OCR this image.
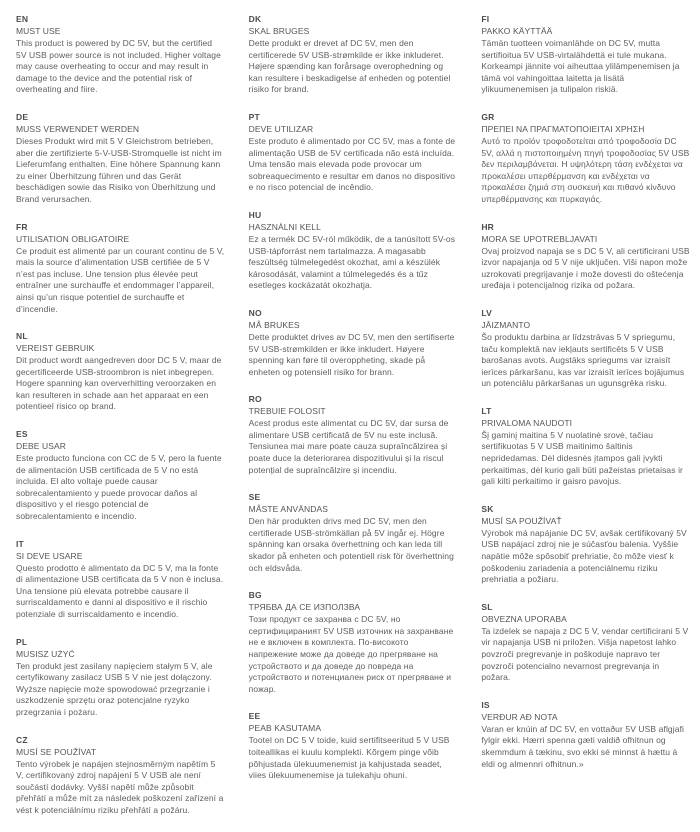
EN
MUST USE

This product is powered by DC 5V, but the certified 5V USB power source is not included. Higher voltage may cause overheating to occur and may result in damage to the device and the potential risk of overheating and fiire.

DE
MUSS VERWENDET WERDEN

Dieses Produkt wird mit 5 V Gleichstrom betrieben, aber die zertifizierte 5-V-USB-Stromquelle ist nicht im Lieferumfang enthalten. Eine höhere Spannung kann zu einer Überhitzung führen und das Gerät beschädigen sowie das Risiko von Überhitzung und Brand verursachen.

FR
UTILISATION OBLIGATOIRE

Ce produit est alimenté par un courant continu de 5 V, mais la source d’alimentation USB certifiée de 5 V n’est pas incluse. Une tension plus élevée peut entraîner une surchauffe et endommager l’appareil, ainsi qu’un risque potentiel de surchauffe et d’incendie.

NL
VEREIST GEBRUIK

Dit product wordt aangedreven door DC 5 V, maar de gecertificeerde USB-stroombron is niet inbegrepen. Hogere spanning kan oververhitting veroorzaken en kan resulteren in schade aan het apparaat en een potentieel risico op brand.

ES
DEBE USAR

Este producto funciona con CC de 5 V, pero la fuente de alimentación USB certificada de 5 V no está incluida. El alto voltaje puede causar sobrecalentamiento y puede provocar daños al dispositivo y el riesgo potencial de sobrecalentamiento e incendio.

IT
SI DEVE USARE

Questo prodotto è alimentato da DC 5 V, ma la fonte di alimentazione USB certificata da 5 V non è inclusa. Una tensione più elevata potrebbe causare il surriscaldamento e danni al dispositivo e il rischio potenziale di surriscaldamento e incendio.

PL
MUSISZ UŻYĆ

Ten produkt jest zasilany napięciem stałym 5 V, ale certyfikowany zasilacz USB 5 V nie jest dołączony. Wyższe napięcie może spowodować przegrzanie i uszkodzenie sprzętu oraz potencjalne ryzyko przegrzania i pożaru.

CZ
MUSÍ SE POUŽÍVAT

Tento výrobek je napájen stejnosměrným napětím 5 V, certifikovaný zdroj napájení 5 V USB ale není součástí dodávky. Vyšší napětí může způsobit přehřátí a může mít za následek poškození zařízení a vést k potenciálnímu riziku přehřátí a požáru.

DK
SKAL BRUGES

Dette produkt er drevet af DC 5V, men den certificerede 5V USB-strømkilde er ikke inkluderet. Højere spænding kan forårsage overophedning og kan resultere i beskadigelse af enheden og potentiel risiko for brand.

PT
DEVE UTILIZAR

Este produto é alimentado por CC 5V, mas a fonte de alimentação USB de 5V certificada não está incluída. Uma tensão mais elevada pode provocar um sobreaquecimento e resultar em danos no dispositivo e no risco potencial de incêndio.

HU
HASZNÁLNI KELL

Ez a termék DC 5V-ról működik, de a tanúsított 5V-os USB-tápforrást nem tartalmazza. A magasabb feszültség túlmelegedést okozhat, ami a készülék károsodását, valamint a túlmelegedés és a tűz esetleges kockázatát okozhatja.

NO
MÅ BRUKES

Dette produktet drives av DC 5V, men den sertifiserte 5V USB-strømkilden er ikke inkludert. Høyere spenning kan føre til overoppheting, skade på enheten og potensiell risiko for brann.

RO
TREBUIE FOLOSIT

Acest produs este alimentat cu DC 5V, dar sursa de alimentare USB certificată de 5V nu este inclusă. Tensiunea mai mare poate cauza supraîncălzirea și poate duce la deteriorarea dispozitivului și la riscul potențial de supraîncălzire și incendiu.

SE
MÅSTE ANVÄNDAS

Den här produkten drivs med DC 5V, men den certifierade USB-strömkällan på 5V ingår ej. Högre spänning kan orsaka överhettning och kan leda till skador på enheten och potentiell risk för överhettning och eldsvåda.

BG
ТРЯБВА ДА СЕ ИЗПОЛЗВА

Този продукт се захранва с DC 5V, но сертифицираният 5V USB източник на захранване не е включен в комплекта. По-високото напрежение може да доведе до прегряване на устройството и да доведе до повреда на устройството и потенциален риск от прегряване и пожар.

EE
PEAB KASUTAMA

Tootel on DC 5 V toide, kuid sertifitseeritud 5 V USB toiteallikas ei kuulu komplekti. Kõrgem pinge võib põhjustada ülekuumenemist ja kahjustada seadet, viies ülekuumenemise ja tulekahju ohuni.

FI
PAKKO KÄYTTÄÄ

Tämän tuotteen voimanlähde on DC 5V, mutta sertifioitua 5V USB-virtalähdettä ei tule mukana. Korkeampi jännite voi aiheuttaa ylilämpenemisen ja tämä voi vahingoittaa laitetta ja lisätä ylikuumenemisen ja tulipalon riskiä.

GR
ΠΡΕΠΕΙ ΝΑ ΠΡΑΓΜΑΤΟΠΟΙΕΙΤΑΙ ΧΡΗΣΗ

Αυτό το προϊόν τροφοδοτείται από τροφοδοσία DC 5V, αλλά η πιστοποιημένη πηγή τροφοδοσίας 5V USB δεν περιλαμβάνεται. Η υψηλότερη τάση ενδέχεται να προκαλέσει υπερθέρμανση και ενδέχεται να προκαλέσει ζημιά στη συσκευή και πιθανό κίνδυνο υπερθέρμανσης και πυρκαγιάς.

HR
MORA SE UPOTREBLJAVATI

Ovaj proizvod napaja se s DC 5 V, ali certificirani USB izvor napajanja od 5 V nije uključen. Viši napon može uzrokovati pregrijavanje i može dovesti do oštećenja uređaja i potencijalnog rizika od požara.

LV
JĀIZMANTO

Šo produktu darbina ar līdzstrāvas 5 V spriegumu, taču komplektā nav iekļauts sertificēts 5 V USB barošanas avots. Augstāks spriegums var izraisīt ierīces pārkaršanu, kas var izraisīt ierīces bojājumus un potenciālu pārkaršanas un ugunsgrēka risku.

LT
PRIVALOMA NAUDOTI

Šį gaminį maitina 5 V nuolatinė srovė, tačiau sertifikuotas 5 V USB maitinimo šaltinis nepridedamas. Dėl didesnės įtampos gali įvykti perkaitimas, dėl kurio gali būti pažeistas prietaisas ir gali kilti perkaitimo ir gaisro pavojus.

SK
MUSÍ SA POUŽÍVAŤ

Výrobok má napájanie DC 5V, avšak certifikovaný 5V USB napájací zdroj nie je súčasťou balenia. Vyššie napätie môže spôsobiť prehriatie, čo môže viesť k poškodeniu zariadenia a potenciálnemu riziku prehriatia a požiaru.

SL
OBVEZNA UPORABA

Ta izdelek se napaja z DC 5 V, vendar certificirani 5 V vir napajanja USB ni priložen. Višja napetost lahko povzroči pregrevanje in poškoduje napravo ter povzroči potencialno nevarnost pregrevanja in požara.

IS
VERÐUR AÐ NOTA

Varan er knúin af DC 5V, en vottaður 5V USB aflgjafi fylgir ekki. Hærri spenna gæti valdið ofhitnun og skemmdum á tækinu, svo ekki sé minnst á hættu á eldi og almennri ofhitnun.»
